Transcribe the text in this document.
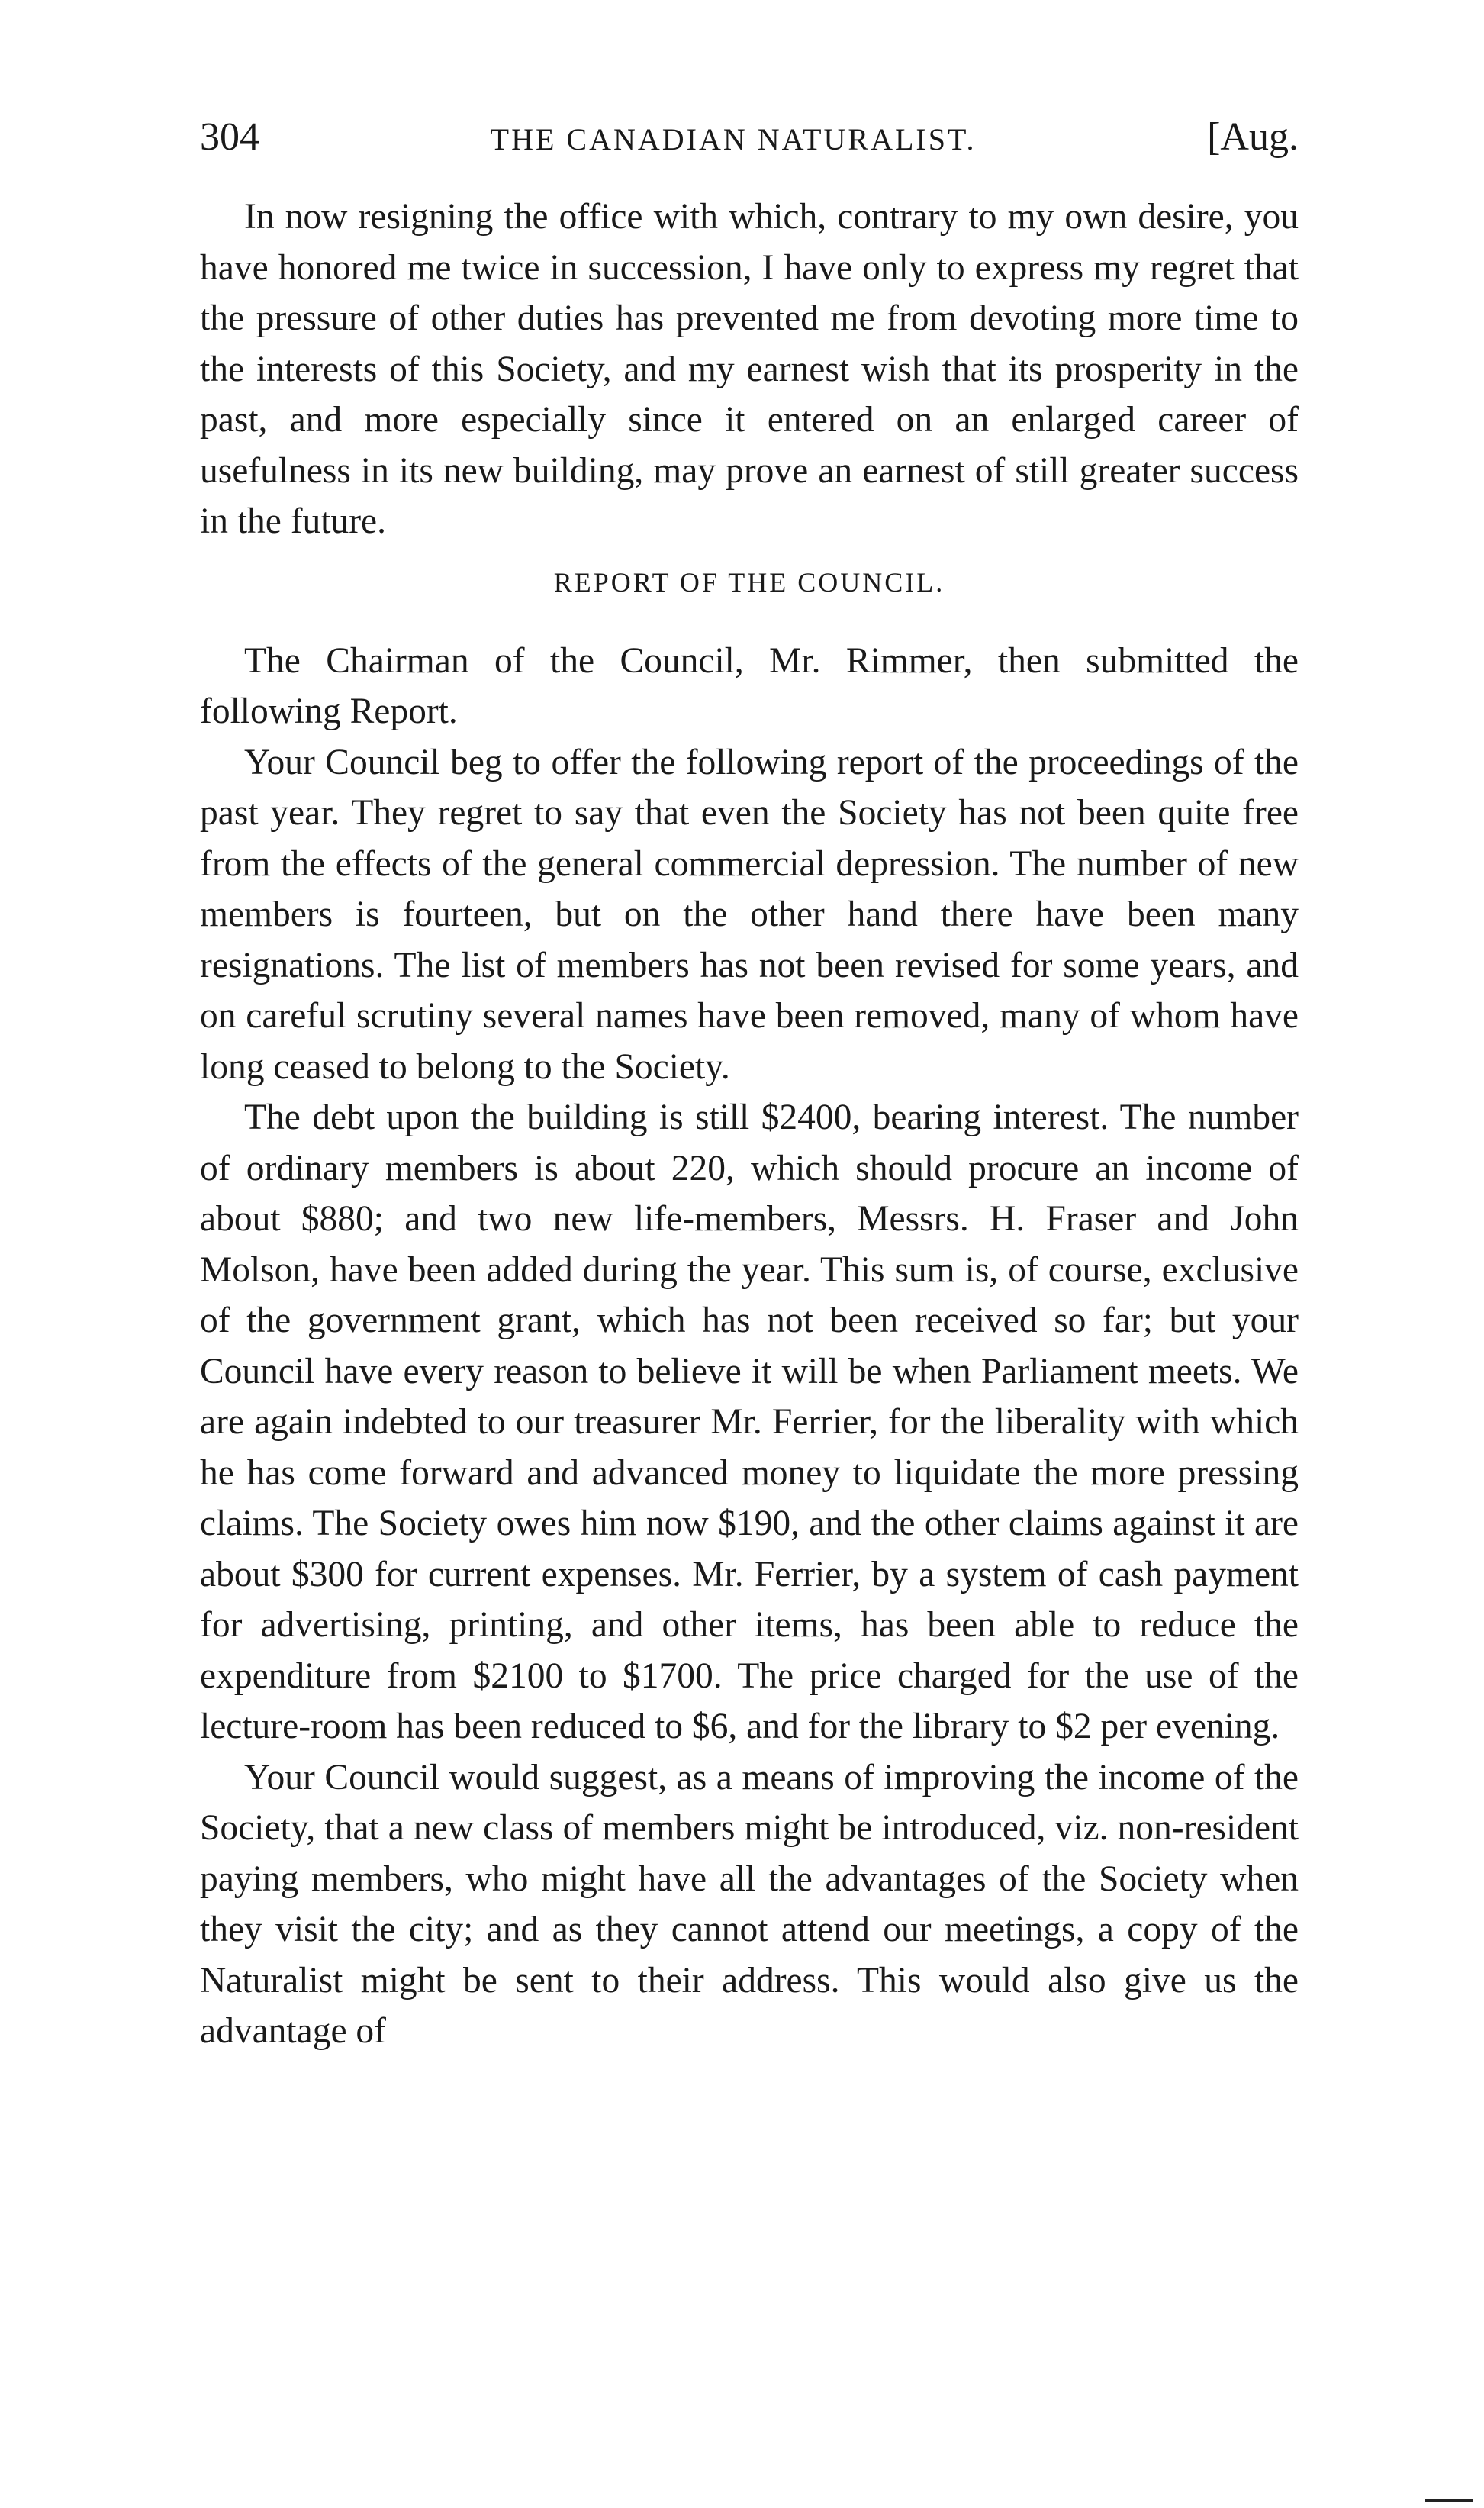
304	THE CANADIAN NATURALIST.	[Aug.

In now resigning the office with which, contrary to my own desire, you have honored me twice in succession, I have only to express my regret that the pressure of other duties has prevented me from devoting more time to the interests of this Society, and my earnest wish that its prosperity in the past, and more especially since it entered on an enlarged career of usefulness in its new building, may prove an earnest of still greater success in the future.

REPORT OF THE COUNCIL.

The Chairman of the Council, Mr. Rimmer, then submitted the following Report.

Your Council beg to offer the following report of the proceedings of the past year. They regret to say that even the Society has not been quite free from the effects of the general commercial depression. The number of new members is fourteen, but on the other hand there have been many resignations. The list of members has not been revised for some years, and on careful scrutiny several names have been removed, many of whom have long ceased to belong to the Society.

The debt upon the building is still $2400, bearing interest. The number of ordinary members is about 220, which should procure an income of about $880; and two new life-members, Messrs. H. Fraser and John Molson, have been added during the year. This sum is, of course, exclusive of the government grant, which has not been received so far; but your Council have every reason to believe it will be when Parliament meets. We are again indebted to our treasurer Mr. Ferrier, for the liberality with which he has come forward and advanced money to liquidate the more pressing claims. The Society owes him now $190, and the other claims against it are about $300 for current expenses. Mr. Ferrier, by a system of cash payment for advertising, printing, and other items, has been able to reduce the expenditure from $2100 to $1700. The price charged for the use of the lecture-room has been reduced to $6, and for the library to $2 per evening.

Your Council would suggest, as a means of improving the income of the Society, that a new class of members might be introduced, viz. non-resident paying members, who might have all the advantages of the Society when they visit the city; and as they cannot attend our meetings, a copy of the Naturalist might be sent to their address. This would also give us the advantage of
